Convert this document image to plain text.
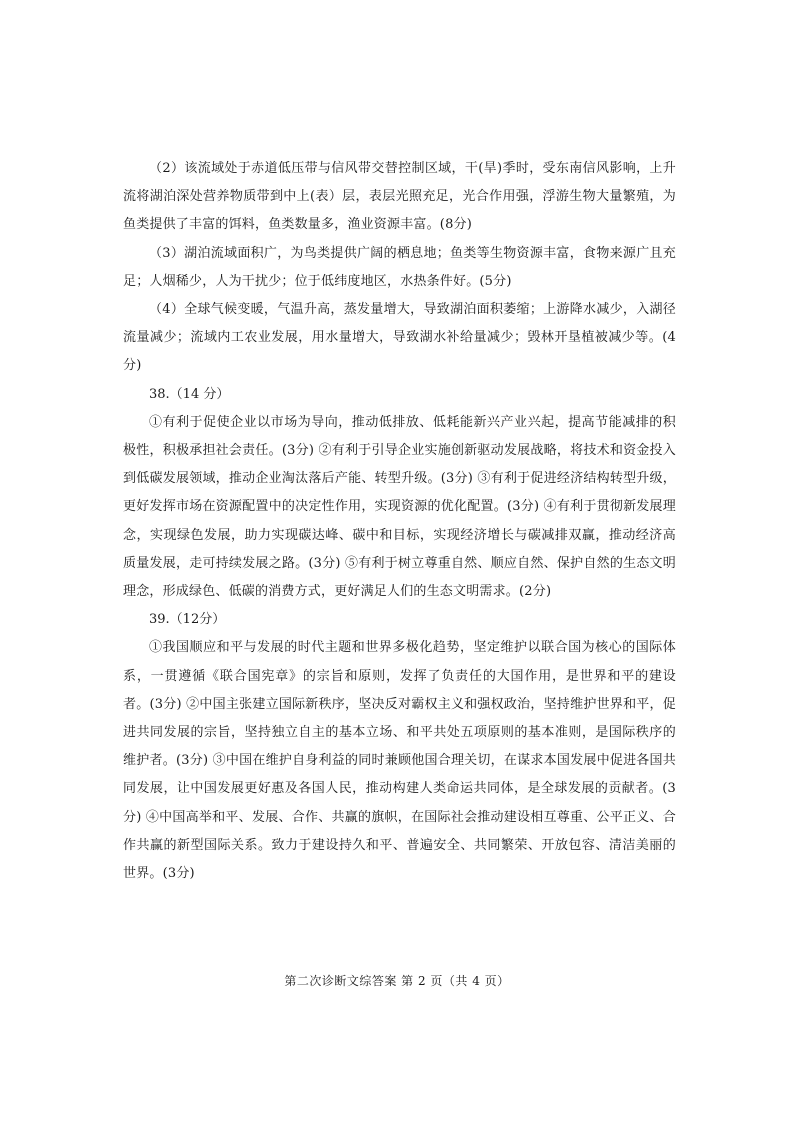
（2）该流域处于赤道低压带与信风带交替控制区域，干(旱)季时，受东南信风影响，上升流将湖泊深处营养物质带到中上(表）层，表层光照充足，光合作用强，浮游生物大量繁殖，为鱼类提供了丰富的饵料，鱼类数量多，渔业资源丰富。(8分)

（3）湖泊流域面积广，为鸟类提供广阔的栖息地；鱼类等生物资源丰富，食物来源广且充足；人烟稀少，人为干扰少；位于低纬度地区，水热条件好。(5分)

（4）全球气候变暖，气温升高，蒸发量增大，导致湖泊面积萎缩；上游降水减少，入湖径流量减少；流域内工农业发展，用水量增大，导致湖水补给量减少；毁林开垦植被减少等。(4分)

38.（14 分）

①有利于促使企业以市场为导向，推动低排放、低耗能新兴产业兴起，提高节能减排的积极性，积极承担社会责任。(3分) ②有利于引导企业实施创新驱动发展战略，将技术和资金投入到低碳发展领域，推动企业淘汰落后产能、转型升级。(3分) ③有利于促进经济结构转型升级，更好发挥市场在资源配置中的决定性作用，实现资源的优化配置。(3分) ④有利于贯彻新发展理念，实现绿色发展，助力实现碳达峰、碳中和目标，实现经济增长与碳减排双赢，推动经济高质量发展，走可持续发展之路。(3分) ⑤有利于树立尊重自然、顺应自然、保护自然的生态文明理念，形成绿色、低碳的消费方式，更好满足人们的生态文明需求。(2分)

39.（12分）

①我国顺应和平与发展的时代主题和世界多极化趋势，坚定维护以联合国为核心的国际体系，一贯遵循《联合国宪章》的宗旨和原则，发挥了负责任的大国作用，是世界和平的建设者。(3分) ②中国主张建立国际新秩序，坚决反对霸权主义和强权政治，坚持维护世界和平，促进共同发展的宗旨，坚持独立自主的基本立场、和平共处五项原则的基本准则，是国际秩序的维护者。(3分) ③中国在维护自身利益的同时兼顾他国合理关切，在谋求本国发展中促进各国共同发展，让中国发展更好惠及各国人民，推动构建人类命运共同体，是全球发展的贡献者。(3分) ④中国高举和平、发展、合作、共赢的旗帜，在国际社会推动建设相互尊重、公平正义、合作共赢的新型国际关系。致力于建设持久和平、普遍安全、共同繁荣、开放包容、清洁美丽的世界。(3分)

第二次诊断文综答案 第 2 页（共 4 页）
